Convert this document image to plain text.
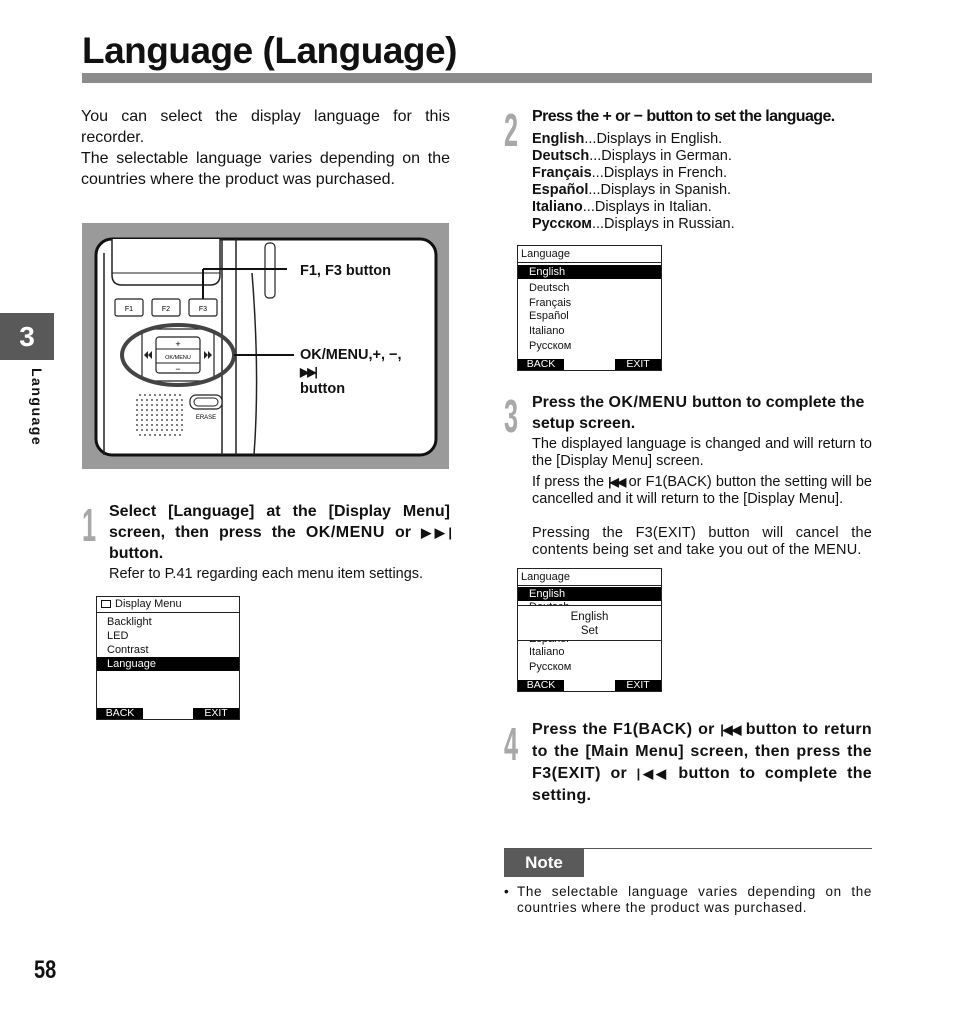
Language (Language)

You can select the display language for this recorder.

The selectable language varies depending on the countries where the product was purchased.

3
Language
F1	F2	F3
+
OK/MENU
−
ERASE
F1, F3 button
OK/MENU,+, −,
▶▶|
button
1 Select [Language] at the [Display Menu] screen, then press the OK/MENU or ▶▶| button.
Refer to P.41 regarding each menu item settings.
Display Menu
Backlight
LED
Contrast
Language
BACK	EXIT
2 Press the + or − button to set the language.
English...Displays in English.
Deutsch...Displays in German.
Français...Displays in French.
Español...Displays in Spanish.
Italiano...Displays in Italian.
Русском...Displays in Russian.
Language
English
Deutsch
Français
Español
Italiano
Русском
BACK	EXIT
3 Press the OK/MENU button to complete the setup screen.
The displayed language is changed and will return to the [Display Menu] screen.
If press the |◀◀ or F1(BACK) button the setting will be cancelled and it will return to the [Display Menu].
Pressing the F3(EXIT) button will cancel the contents being set and take you out of the MENU.
Language
English
Italiano
Русском
English
Set
BACK	EXIT
4 Press the F1(BACK) or |◀◀ button to return to the [Main Menu] screen, then press the F3(EXIT) or |◀◀ button to complete the setting.
Note
• The selectable language varies depending on the countries where the product was purchased.
58
